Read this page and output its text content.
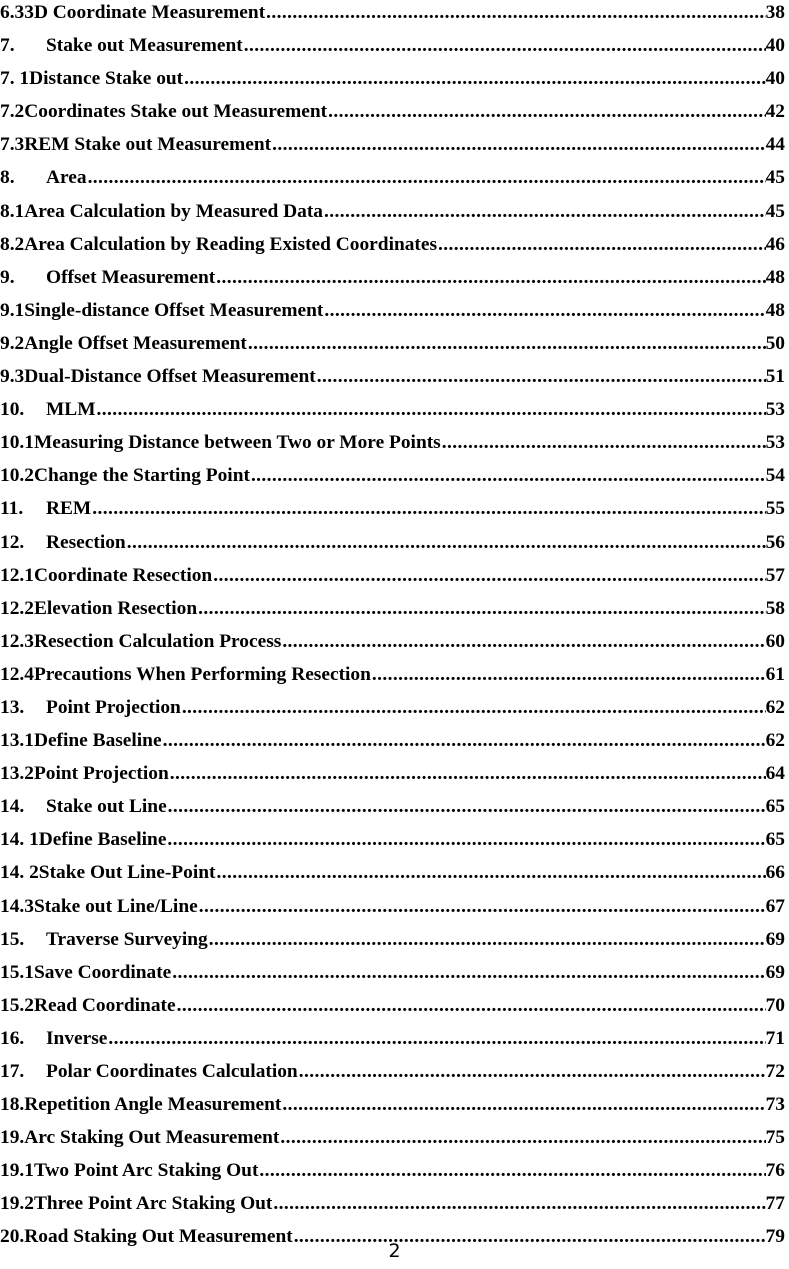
6.3 3D Coordinate Measurement .....	38
7.	Stake out Measurement .....	40
7. 1 Distance Stake out .....	40
7.2 Coordinates Stake out Measurement .....	42
7.3 REM Stake out Measurement .....	44
8.	Area .....	45
8.1 Area Calculation by Measured Data .....	45
8.2 Area Calculation by Reading Existed Coordinates .....	46
9.	Offset Measurement .....	48
9.1 Single-distance Offset Measurement .....	48
9.2 Angle Offset Measurement .....	50
9.3 Dual-Distance Offset Measurement .....	51
10.	MLM .....	53
10.1 Measuring Distance between Two or More Points .....	53
10.2 Change the Starting Point .....	54
11.	REM .....	55
12.	Resection .....	56
12.1 Coordinate Resection .....	57
12.2 Elevation Resection .....	58
12.3 Resection Calculation Process .....	60
12.4 Precautions When Performing Resection .....	61
13.	Point Projection .....	62
13.1 Define Baseline .....	62
13.2 Point Projection .....	64
14.	Stake out Line .....	65
14. 1 Define Baseline .....	65
14. 2 Stake Out Line-Point .....	66
14.3 Stake out Line/Line .....	67
15.	Traverse Surveying .....	69
15.1 Save Coordinate .....	69
15.2 Read Coordinate .....	70
16.	Inverse .....	71
17.	Polar Coordinates Calculation .....	72
18. Repetition Angle Measurement .....	73
19. Arc Staking Out Measurement .....	75
19.1 Two Point Arc Staking Out .....	76
19.2 Three Point Arc Staking Out .....	77
20. Road Staking Out Measurement .....	79
2
